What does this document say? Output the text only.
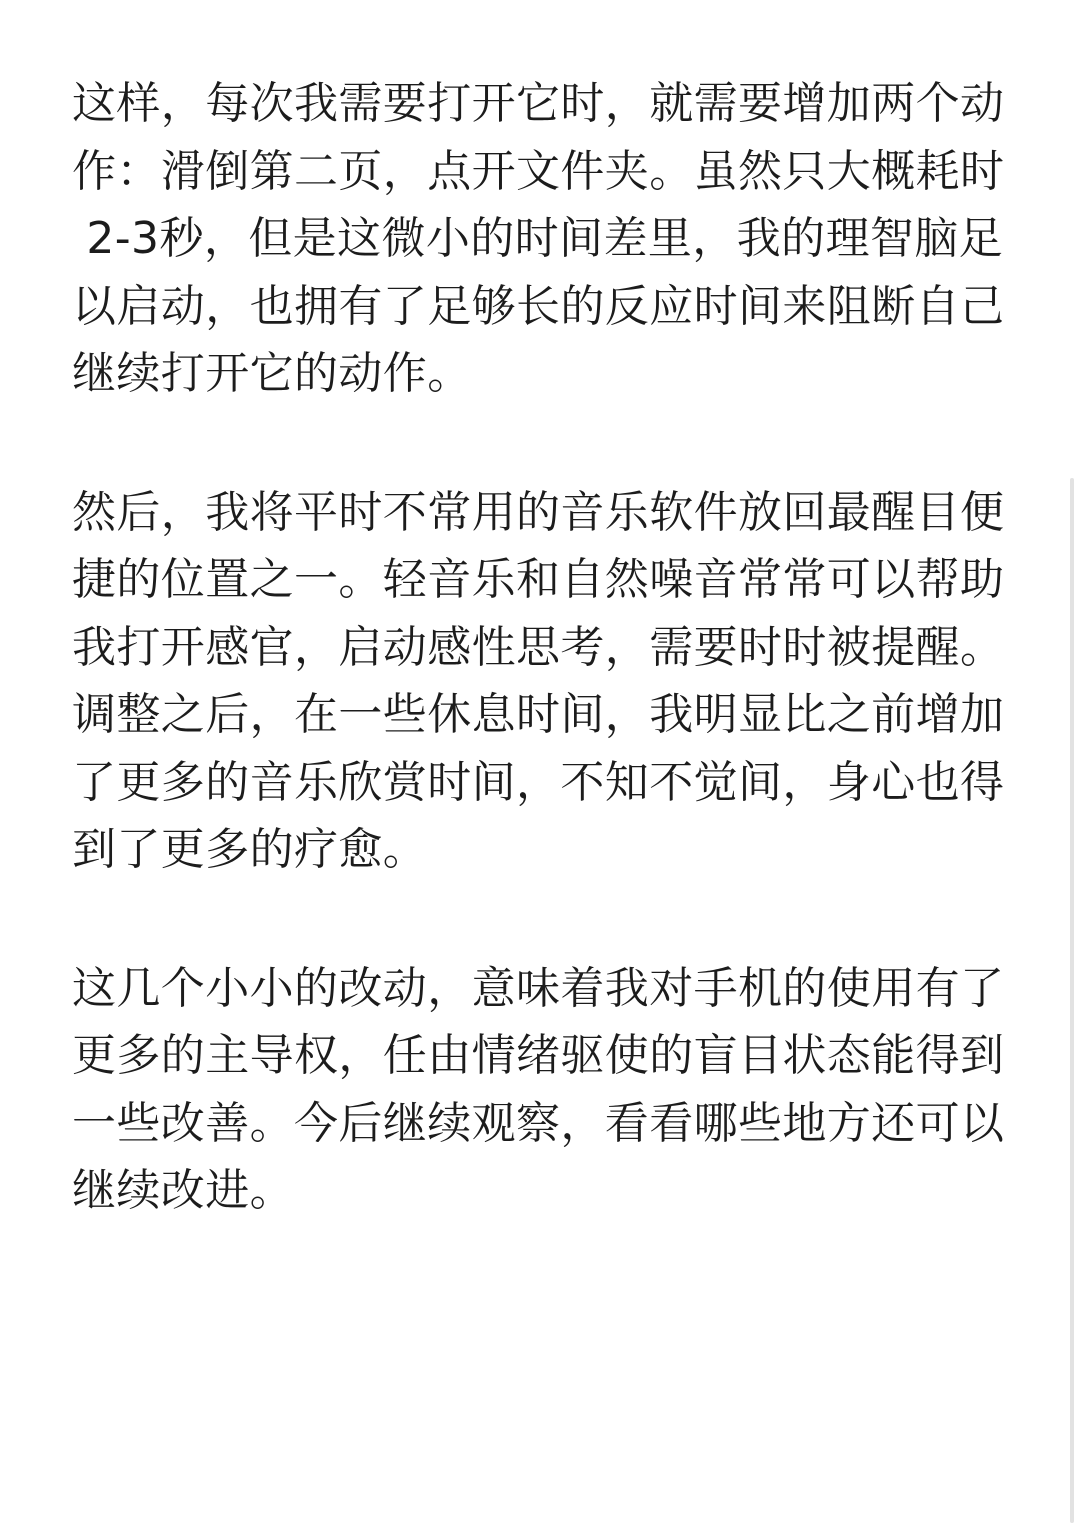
这样，每次我需要打开它时，就需要增加两个动
作：滑倒第二页，点开文件夹。虽然只大概耗时
2-3秒，但是这微小的时间差里，我的理智脑足
以启动，也拥有了足够长的反应时间来阻断自己
继续打开它的动作。

然后，我将平时不常用的音乐软件放回最醒目便
捷的位置之一。轻音乐和自然噪音常常可以帮助
我打开感官，启动感性思考，需要时时被提醒。
调整之后，在一些休息时间，我明显比之前增加
了更多的音乐欣赏时间，不知不觉间，身心也得
到了更多的疗愈。

这几个小小的改动，意味着我对手机的使用有了
更多的主导权，任由情绪驱使的盲目状态能得到
一些改善。今后继续观察，看看哪些地方还可以
继续改进。
